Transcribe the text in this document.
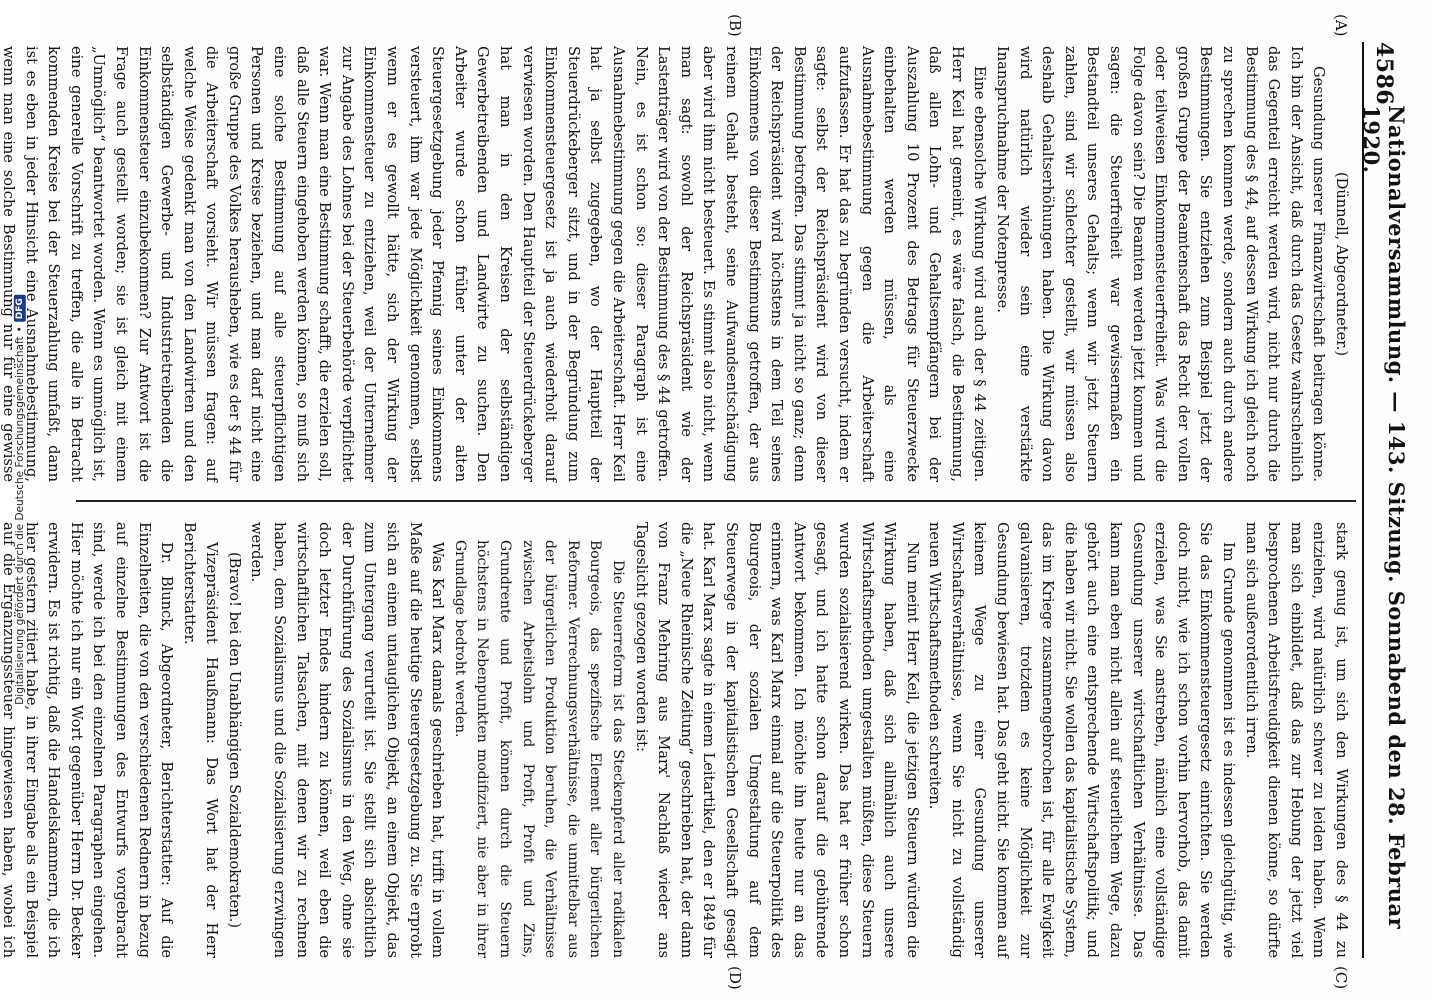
Digitalisierung gefördert durch die Deutsche Forschungsgemeinschaft
•
DFG
4586
Nationalversammlung. — 143. Sitzung. Sonnabend den 28. Februar 1920.
(A)
(B)
(C)
(D)

(Dünnell, Abgeordneter.)

Gesundung unserer Finanzwirtschaft beitragen könne. Ich bin der Ansicht, daß durch das Gesetz wahrscheinlich das Gegenteil erreicht werden wird, nicht nur durch die Bestimmung des § 44, auf dessen Wirkung ich gleich noch zu sprechen kommen werde, sondern auch durch andere Bestimmungen. Sie entziehen zum Beispiel jetzt der großen Gruppe der Beamtenschaft das Recht der vollen oder teilweisen Einkommensteuerfreiheit. Was wird die Folge davon sein? Die Beamten werden jetzt kommen und sagen: die Steuerfreiheit war gewissermaßen ein Bestandteil unseres Gehalts; wenn wir jetzt Steuern zahlen, sind wir schlechter gestellt, wir müssen also deshalb Gehaltserhöhungen haben. Die Wirkung davon wird natürlich wieder sein eine verstärkte Inanspruchnahme der Notenpresse.

Eine ebensolche Wirkung wird auch der § 44 zeitigen. Herr Keil hat gemeint, es wäre falsch, die Bestimmung, daß allen Lohn- und Gehaltsempfängern bei der Auszahlung 10 Prozent des Betrags für Steuerzwecke einbehalten werden müssen, als eine Ausnahmebestimmung gegen die Arbeiterschaft aufzufassen. Er hat das zu begründen versucht, indem er sagte: selbst der Reichspräsident wird von dieser Bestimmung betroffen. Das stimmt ja nicht so ganz; denn der Reichspräsident wird höchstens in dem Teil seines Einkommens von dieser Bestimmung getroffen, der aus reinem Gehalt besteht, seine Aufwandsentschädigung aber wird ihm nicht besteuert. Es stimmt also nicht, wenn man sagt: sowohl der Reichspräsident wie der Lastenträger wird von der Bestimmung des § 44 getroffen. Nein, es ist schon so: dieser Paragraph ist eine Ausnahmebestimmung gegen die Arbeiterschaft. Herr Keil hat ja selbst zugegeben, wo der Hauptteil der Steuerdrückeberger sitzt, und in der Begründung zum Einkommensteuergesetz ist ja auch wiederholt darauf verwiesen worden. Den Hauptteil der Steuerdrückeberger hat man in den Kreisen der selbständigen Gewerbetreibenden und Landwirte zu suchen. Den Arbeiter wurde schon früher unter der alten Steuergesetzgebung jeder Pfennig seines Einkommens versteuert, ihm war jede Möglichkeit genommen, selbst wenn er es gewollt hätte, sich der Wirkung der Einkommensteuer zu entziehen, weil der Unternehmer zur Angabe des Lohnes bei der Steuerbehörde verpflichtet war. Wenn man eine Bestimmung schafft, die erzielen soll, daß alle Steuern eingehoben werden können, so muß sich eine solche Bestimmung auf alle steuerpflichtigen Personen und Kreise beziehen, und man darf nicht eine große Gruppe des Volkes herausheben, wie es der § 44 für die Arbeiterschaft vorsieht. Wir müssen fragen: auf welche Weise gedenkt man von den Landwirten und den selbständigen Gewerbe- und Industrietreibenden die Einkommensteuer einzubekommen? Zur Antwort ist die Frage auch gestellt worden; sie ist gleich mit einem „Unmöglich“ beantwortet worden. Wenn es unmöglich ist, eine generelle Vorschrift zu treffen, die alle in Betracht kommenden Kreise bei der Steuerzahlung umfaßt, dann ist es eben in jeder Hinsicht eine Ausnahmebestimmung, wenn man eine solche Bestimmung nur für eine gewisse

stark genug ist, um sich den Wirkungen des § 44 zu entziehen, wird natürlich schwer zu leiden haben. Wenn man sich einbildet, daß das zur Hebung der jetzt viel besprochenen Arbeitsfreudigkeit dienen könne, so dürfte man sich außerordentlich irren.

Im Grunde genommen ist es indessen gleichgültig, wie Sie das Einkommensteuergesetz einrichten. Sie werden doch nicht, wie ich schon vorhin hervorhob, das damit erzielen, was Sie anstreben, nämlich eine vollständige Gesundung unserer wirtschaftlichen Verhältnisse. Das kann man eben nicht allein auf steuerlichem Wege, dazu gehört auch eine entsprechende Wirtschaftspolitik; und die haben wir nicht. Sie wollen das kapitalistische System, das im Kriege zusammengebrochen ist, für alle Ewigkeit galvanisieren, trotzdem es keine Möglichkeit zur Gesundung bewiesen hat. Das geht nicht. Sie kommen auf keinem Wege zu einer Gesundung unserer Wirtschaftsverhältnisse, wenn Sie nicht zu vollständig neuen Wirtschaftsmethoden schreiten.

Nun meint Herr Keil, die jetzigen Steuern würden die Wirkung haben, daß sich allmählich auch unsere Wirtschaftsmethoden umgestalten müßten, diese Steuern wurden sozialisierend wirken. Das hat er früher schon gesagt, und ich hatte schon darauf die gebührende Antwort bekommen. Ich möchte ihn heute nur an das erinnern, was Karl Marx einmal auf die Steuerpolitik des Bourgeois, der sozialen Umgestaltung auf dem Steuerwege in der kapitalistischen Gesellschaft gesagt hat. Karl Marx sagte in einem Leitartikel, den er 1849 für die „Neue Rheinische Zeitung“ geschrieben hat, der dann von Franz Mehring aus Marx' Nachlaß wieder ans Tageslicht gezogen worden ist:

Die Steuerreform ist das Steckenpferd aller radikalen Bourgeois, das spezifische Element aller bürgerlichen Reformer. Verrechnungsverhältnisse, die unmittelbar aus der bürgerlichen Produktion beruhen, die Verhältnisse zwischen Arbeitslohn und Profit, Profit und Zins, Grundrente und Profit, können durch die Steuern höchstens in Nebenpunkten modifiziert, nie aber in ihrer Grundlage bedroht werden.

Was Karl Marx damals geschrieben hat, trifft in vollem Maße auf die heutige Steuergesetzgebung zu. Sie erprobt sich an einem untauglichen Objekt, an einem Objekt, das zum Untergang verurteilt ist. Sie stellt sich absichtlich der Durchführung des Sozialismus in den Weg, ohne sie doch letzter Endes hindern zu können, weil eben die wirtschaftlichen Tatsachen, mit denen wir zu rechnen haben, dem Sozialismus und die Sozialisierung erzwingen werden.

(Bravo! bei den Unabhängigen Sozialdemokraten.)

Vizepräsident Haußmann: Das Wort hat der Herr Berichterstatter.

Dr. Blunck, Abgeordneter, Berichterstatter: Auf die Einzelheiten, die von den verschiedenen Rednern in bezug auf einzelne Bestimmungen des Entwurfs vorgebracht sind, werde ich bei den einzelnen Paragraphen eingehen. Hier möchte ich nur ein Wort gegenüber Herrn Dr. Becker erwidern. Es ist richtig, daß die Handelskammern, die ich hier gestern zitiert habe, in ihrer Eingabe als ein Beispiel auf die Ergänzungssteuer hingewiesen haben, wobei ich
